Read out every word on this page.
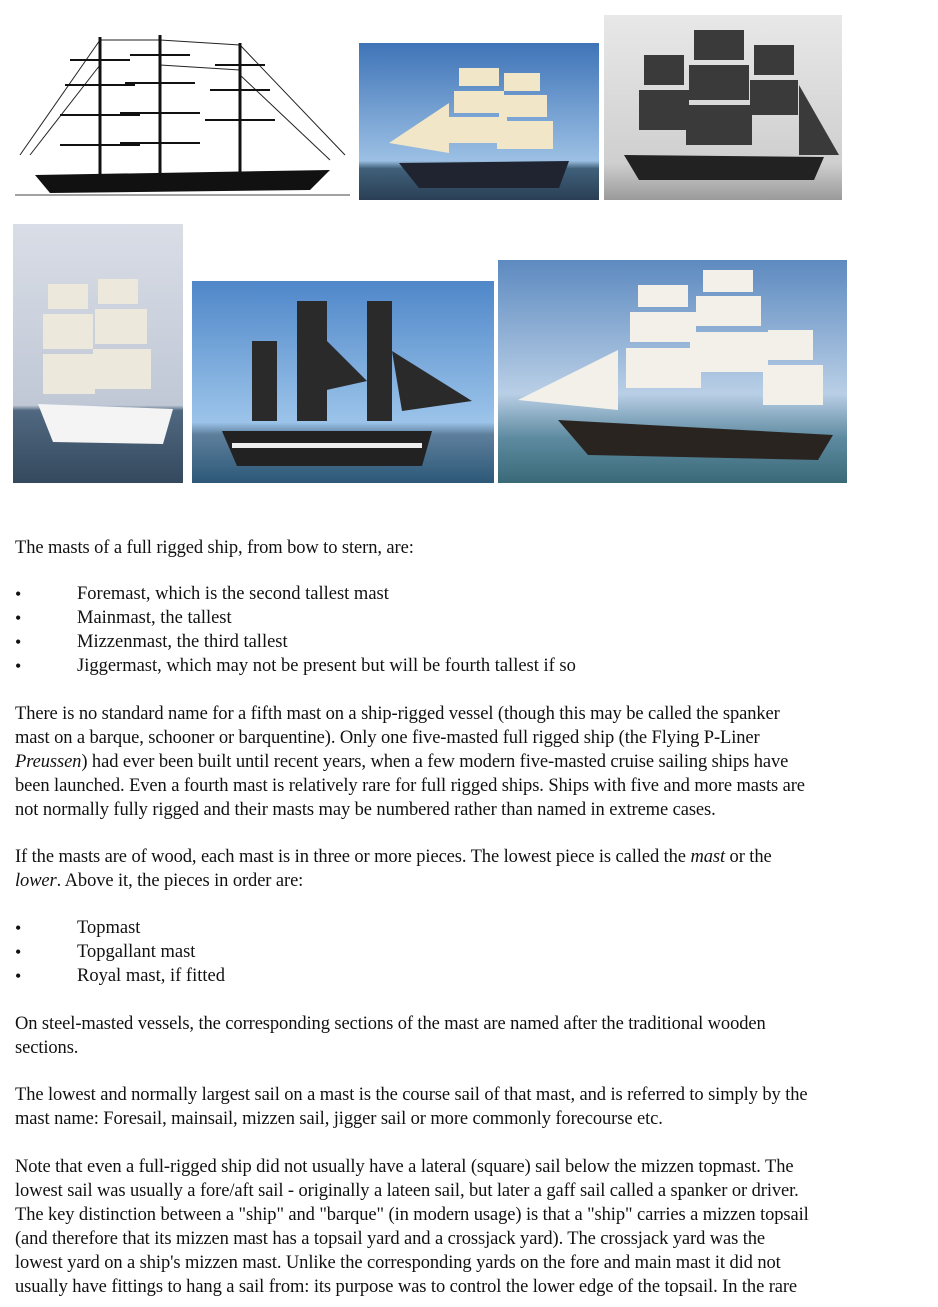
The masts of a full rigged ship, from bow to stern, are:
•	Foremast, which is the second tallest mast
•	Mainmast, the tallest
•	Mizzenmast, the third tallest
•	Jiggermast, which may not be present but will be fourth tallest if so
There is no standard name for a fifth mast on a ship-rigged vessel (though this may be called the spanker
mast on a barque, schooner or barquentine). Only one five-masted full rigged ship (the Flying P-Liner
Preussen) had ever been built until recent years, when a few modern five-masted cruise sailing ships have
been launched. Even a fourth mast is relatively rare for full rigged ships. Ships with five and more masts are
not normally fully rigged and their masts may be numbered rather than named in extreme cases.
If the masts are of wood, each mast is in three or more pieces. The lowest piece is called the mast or the
lower. Above it, the pieces in order are:
•	Topmast
•	Topgallant mast
•	Royal mast, if fitted
On steel-masted vessels, the corresponding sections of the mast are named after the traditional wooden
sections.
The lowest and normally largest sail on a mast is the course sail of that mast, and is referred to simply by the
mast name: Foresail, mainsail, mizzen sail, jigger sail or more commonly forecourse etc.
Note that even a full-rigged ship did not usually have a lateral (square) sail below the mizzen topmast. The
lowest sail was usually a fore/aft sail - originally a lateen sail, but later a gaff sail called a spanker or driver.
The key distinction between a "ship" and "barque" (in modern usage) is that a "ship" carries a mizzen topsail
(and therefore that its mizzen mast has a topsail yard and a crossjack yard). The crossjack yard was the
lowest yard on a ship's mizzen mast. Unlike the corresponding yards on the fore and main mast it did not
usually have fittings to hang a sail from: its purpose was to control the lower edge of the topsail. In the rare
